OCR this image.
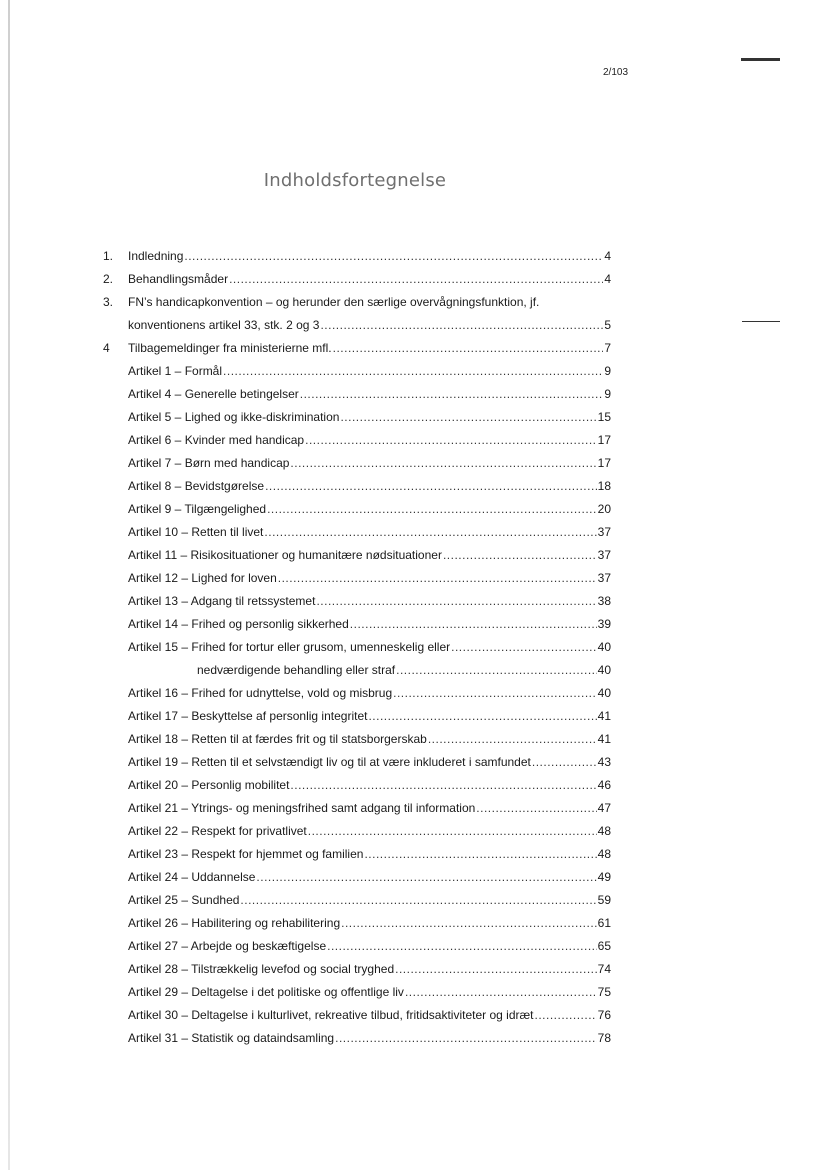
2/103
Indholdsfortegnelse
1. Indledning .....	4
2. Behandlingsmåder .....	4
3. FN’s handicapkonvention – og herunder den særlige overvågningsfunktion, jf.
konventionens artikel 33, stk. 2 og 3 .....	5
4 Tilbagemeldinger fra ministerierne mfl. .....	7
Artikel 1 – Formål .....	9
Artikel 4 – Generelle betingelser .....	9
Artikel 5 – Lighed og ikke-diskrimination .....	15
Artikel 6 – Kvinder med handicap .....	17
Artikel 7 – Børn med handicap .....	17
Artikel 8 – Bevidstgørelse .....	18
Artikel 9 – Tilgængelighed .....	20
Artikel 10 – Retten til livet .....	37
Artikel 11 – Risikosituationer og humanitære nødsituationer .....	37
Artikel 12 – Lighed for loven .....	37
Artikel 13 – Adgang til retssystemet .....	38
Artikel 14 – Frihed og personlig sikkerhed .....	39
Artikel 15 – Frihed for tortur eller grusom, umenneskelig eller .....	40
nedværdigende behandling eller straf .....	40
Artikel 16 – Frihed for udnyttelse, vold og misbrug .....	40
Artikel 17 – Beskyttelse af personlig integritet .....	41
Artikel 18 – Retten til at færdes frit og til statsborgerskab .....	41
Artikel 19 – Retten til et selvstændigt liv og til at være inkluderet i samfundet .....	43
Artikel 20 – Personlig mobilitet .....	46
Artikel 21 – Ytrings- og meningsfrihed samt adgang til information .....	47
Artikel 22 – Respekt for privatlivet .....	48
Artikel 23 – Respekt for hjemmet og familien .....	48
Artikel 24 – Uddannelse .....	49
Artikel 25 – Sundhed .....	59
Artikel 26 – Habilitering og rehabilitering .....	61
Artikel 27 – Arbejde og beskæftigelse .....	65
Artikel 28 – Tilstrækkelig levefod og social tryghed .....	74
Artikel 29 – Deltagelse i det politiske og offentlige liv .....	75
Artikel 30 – Deltagelse i kulturlivet, rekreative tilbud, fritidsaktiviteter og idræt .....	76
Artikel 31 – Statistik og dataindsamling .....	78
